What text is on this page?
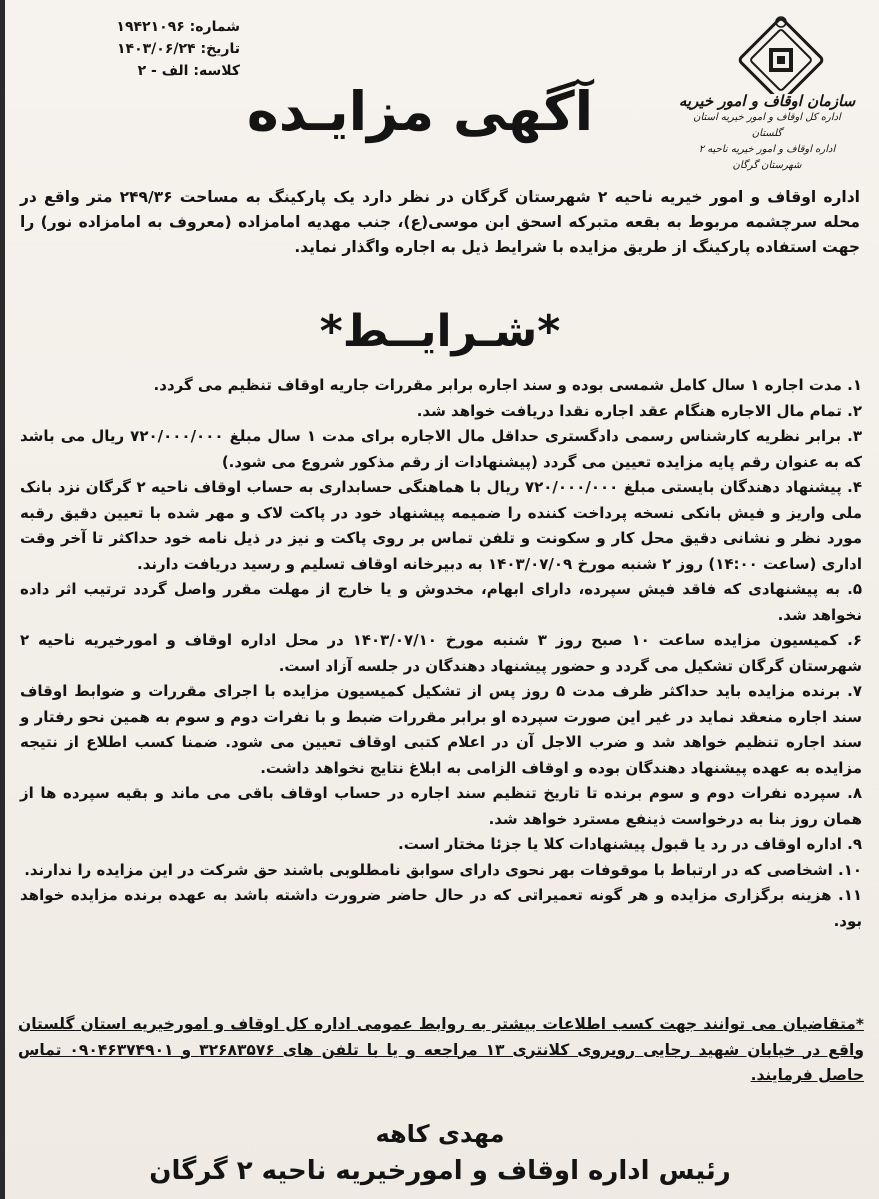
شماره: ۱۹۴۲۱۰۹۶
تاریخ: ۱۴۰۳/۰۶/۲۴
کلاسه: الف - ۲
آگهی مزایـده	سازمان اوقاف و امور خیریه
اداره کل اوقاف و امور خیریه استان گلستان
اداره اوقاف و امور خیریه ناحیه ۲ شهرستان گرگان

اداره اوقاف و امور خیریه ناحیه ۲ شهرستان گرگان در نظر دارد یک پارکینگ به مساحت ۲۴۹/۳۶ متر واقع در محله سرچشمه مربوط به بقعه متبرکه اسحق ابن موسی(ع)، جنب مهدیه امامزاده (معروف به امامزاده نور) را جهت استفاده پارکینگ از طریق مزایده با شرایط ذیل به اجاره واگذار نماید.

*شـرایــط*
۱. مدت اجاره ۱ سال کامل شمسی بوده و سند اجاره برابر مقررات جاریه اوقاف تنظیم می گردد.
۲. تمام مال الاجاره هنگام عقد اجاره نقدا دریافت خواهد شد.
۳. برابر نظریه کارشناس رسمی دادگستری حداقل مال الاجاره برای مدت ۱ سال مبلغ ۷۲۰/۰۰۰/۰۰۰ ریال می باشد که به عنوان رقم پایه مزایده تعیین می گردد (پیشنهادات از رقم مذکور شروع می شود.)
۴. پیشنهاد دهندگان بایستی مبلغ ۷۲۰/۰۰۰/۰۰۰ ریال با هماهنگی حسابداری به حساب اوقاف ناحیه ۲ گرگان نزد بانک ملی واریز و فیش بانکی نسخه پرداخت کننده را ضمیمه پیشنهاد خود در پاکت لاک و مهر شده با تعیین دقیق رقبه مورد نظر و نشانی دقیق محل کار و سکونت و تلفن تماس بر روی پاکت و نیز در ذیل نامه خود حداکثر تا آخر وقت اداری (ساعت ۱۴:۰۰) روز ۲ شنبه مورخ ۱۴۰۳/۰۷/۰۹ به دبیرخانه اوقاف تسلیم و رسید دریافت دارند.
۵. به پیشنهادی که فاقد فیش سپرده، دارای ابهام، مخدوش و یا خارج از مهلت مقرر واصل گردد ترتیب اثر داده نخواهد شد.
۶. کمیسیون مزایده ساعت ۱۰ صبح روز ۳ شنبه مورخ ۱۴۰۳/۰۷/۱۰ در محل اداره اوقاف و امورخیریه ناحیه ۲ شهرستان گرگان تشکیل می گردد و حضور پیشنهاد دهندگان در جلسه آزاد است.
۷. برنده مزایده باید حداکثر ظرف مدت ۵ روز پس از تشکیل کمیسیون مزایده با اجرای مقررات و ضوابط اوقاف سند اجاره منعقد نماید در غیر این صورت سپرده او برابر مقررات ضبط و با نفرات دوم و سوم به همین نحو رفتار و سند اجاره تنظیم خواهد شد و ضرب الاجل آن در اعلام کتبی اوقاف تعیین می شود. ضمنا کسب اطلاع از نتیجه مزایده به عهده پیشنهاد دهندگان بوده و اوقاف الزامی به ابلاغ نتایج نخواهد داشت.
۸. سپرده نفرات دوم و سوم برنده تا تاریخ تنظیم سند اجاره در حساب اوقاف باقی می ماند و بقیه سپرده ها از همان روز بنا به درخواست ذینفع مسترد خواهد شد.
۹. اداره اوقاف در رد یا قبول پیشنهادات کلا یا جزئا مختار است.
۱۰. اشخاصی که در ارتباط با موقوفات بهر نحوی دارای سوابق نامطلوبی باشند حق شرکت در این مزایده را ندارند.
۱۱. هزینه برگزاری مزایده و هر گونه تعمیراتی که در حال حاضر ضرورت داشته باشد به عهده برنده مزایده خواهد بود.

*متقاضیان می توانند جهت کسب اطلاعات بیشتر به روابط عمومی اداره کل اوقاف و امورخیریه استان گلستان واقع در خیابان شهید رجایی روبروی کلانتری ۱۳ مراجعه و یا با تلفن های ۳۲۶۸۳۵۷۶ و ۰۹۰۴۶۳۷۴۹۰۱ تماس حاصل فرمایند.

مهدی کاهه
رئیس اداره اوقاف و امورخیریه ناحیه ۲ گرگان
